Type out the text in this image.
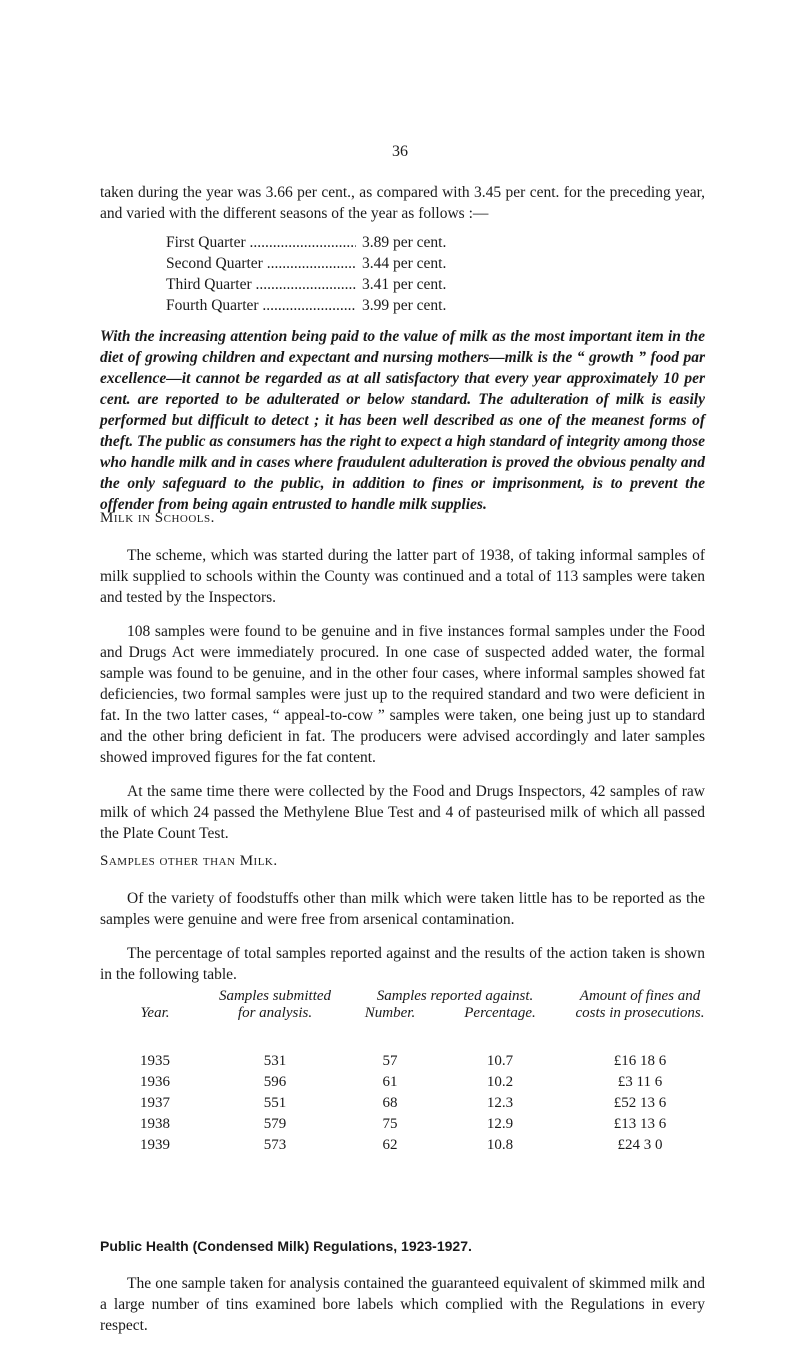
36

taken during the year was 3.66 per cent., as compared with 3.45 per cent. for the preceding year, and varied with the different seasons of the year as follows :—

First Quarter .....	3.89 per cent.
Second Quarter .....	3.44 per cent.
Third Quarter .....	3.41 per cent.
Fourth Quarter .....	3.99 per cent.

With the increasing attention being paid to the value of milk as the most important item in the diet of growing children and expectant and nursing mothers—milk is the “ growth ” food par excellence—it cannot be regarded as at all satisfactory that every year approximately 10 per cent. are reported to be adulterated or below standard. The adulteration of milk is easily performed but difficult to detect ; it has been well described as one of the meanest forms of theft. The public as consumers has the right to expect a high standard of integrity among those who handle milk and in cases where fraudulent adulteration is proved the obvious penalty and the only safeguard to the public, in addition to fines or imprisonment, is to prevent the offender from being again entrusted to handle milk supplies.

Milk in Schools.

The scheme, which was started during the latter part of 1938, of taking informal samples of milk supplied to schools within the County was continued and a total of 113 samples were taken and tested by the Inspectors.

108 samples were found to be genuine and in five instances formal samples under the Food and Drugs Act were immediately procured. In one case of suspected added water, the formal sample was found to be genuine, and in the other four cases, where informal samples showed fat deficiencies, two formal samples were just up to the required standard and two were deficient in fat. In the two latter cases, “ appeal-to-cow ” samples were taken, one being just up to standard and the other bring deficient in fat. The producers were advised accordingly and later samples showed improved figures for the fat content.

At the same time there were collected by the Food and Drugs Inspectors, 42 samples of raw milk of which 24 passed the Methylene Blue Test and 4 of pasteurised milk of which all passed the Plate Count Test.

Samples other than Milk.

Of the variety of foodstuffs other than milk which were taken little has to be reported as the samples were genuine and were free from arsenical contamination.

The percentage of total samples reported against and the results of the action taken is shown in the following table.

Year.
Samples submitted for analysis.
Samples reported against.
Number.	Percentage.
Amount of fines and costs in prosecutions.
1935	531	57	10.7	£16 18 6
1936	596	61	10.2	£3 11 6
1937	551	68	12.3	£52 13 6
1938	579	75	12.9	£13 13 6
1939	573	62	10.8	£24 3 0

Public Health (Condensed Milk) Regulations, 1923-1927.

The one sample taken for analysis contained the guaranteed equivalent of skimmed milk and a large number of tins examined bore labels which complied with the Regulations in every respect.
